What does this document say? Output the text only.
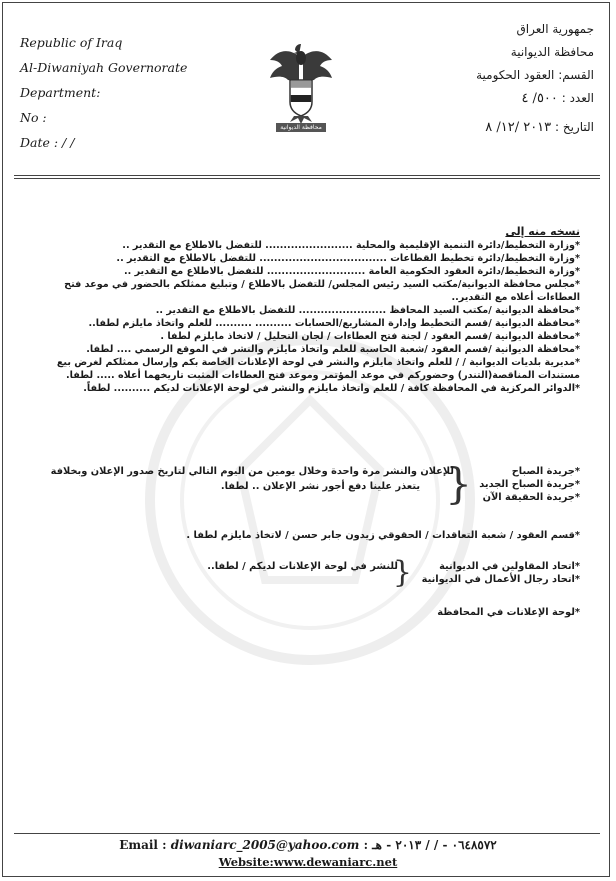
Republic of Iraq
Al-Diwaniyah Governorate
Department:
No :
Date : / /
محافظة الديوانية
جمهورية العراق
محافظة الديوانية
القسم: العقود الحكومية
العدد : ٥٠٠/ ٤
التاريخ : ٢٠١٣ /١٢/ ٨
نسخه منه إلى
*وزارة التخطيط/دائرة التنمية الإقليمية والمحلية ........................ للتفضل بالاطلاع مع التقدير ..
*وزارة التخطيط/دائرة تخطيط القطاعات ................................... للتفضل بالاطلاع مع التقدير ..
*وزارة التخطيط/دائرة العقود الحكومية العامة ........................... للتفضل بالاطلاع مع التقدير ..
*مجلس محافظة الديوانية/مكتب السيد رئيس المجلس/ للتفضل بالاطلاع / وتبليغ ممثلكم بالحضور في موعد فتح العطاءات أعلاه مع التقدير..
*محافظة الديوانية /مكتب السيد المحافظ ........................ للتفضل بالاطلاع مع التقدير ..
*محافظة الديوانية /قسم التخطيط وإدارة المشاريع/الحسابات .......... .......... للعلم واتخاذ مايلزم لطفا..
*محافظة الديوانية /قسم العقود / لجنة فتح العطاءات / لجان التحليل / لاتخاذ مايلزم لطفا .
*محافظة الديوانية /قسم العقود /شعبة الحاسبة للعلم واتخاذ مايلزم والنشر في الموقع الرسمي .... لطفا.
*مديرية بلديات الديوانية / / للعلم واتخاذ مايلزم والنشر في لوحة الإعلانات الخاصة بكم وإرسال ممثلكم لغرض بيع مستندات المناقصة(التندر) وحضوركم في موعد المؤتمر وموعد فتح العطاءات المثبت تاريخهما أعلاه ..... لطفا.
*الدوائر المركزية في المحافظة كافة / للعلم واتخاذ مايلزم والنشر في لوحة الإعلانات لديكم .......... لطفاً.
*جريدة الصباح
*جريدة الصباح الجديد
*جريدة الحقيقة الآن
{
للإعلان والنشر مرة واحدة وخلال يومين من اليوم التالي لتاريخ صدور الإعلان وبخلافة
يتعذر علينا دفع أجور نشر الإعلان .. لطفا.
*قسم العقود / شعبة التعاقدات / الحقوقي زيدون جابر حسن / لاتخاذ مايلزم لطفا .
*اتحاد المقاولين في الديوانية
*اتحاد رجال الأعمال في الديوانية
{
للنشر في لوحة الإعلانات لديكم / لطفا..
*لوحة الإعلانات في المحافظة
Email : diwaniarc_2005@yahoo.com ٠٦٤٨٥٧٢ - / / ٢٠١٣ - هـ :
Website:www.dewaniarc.net
